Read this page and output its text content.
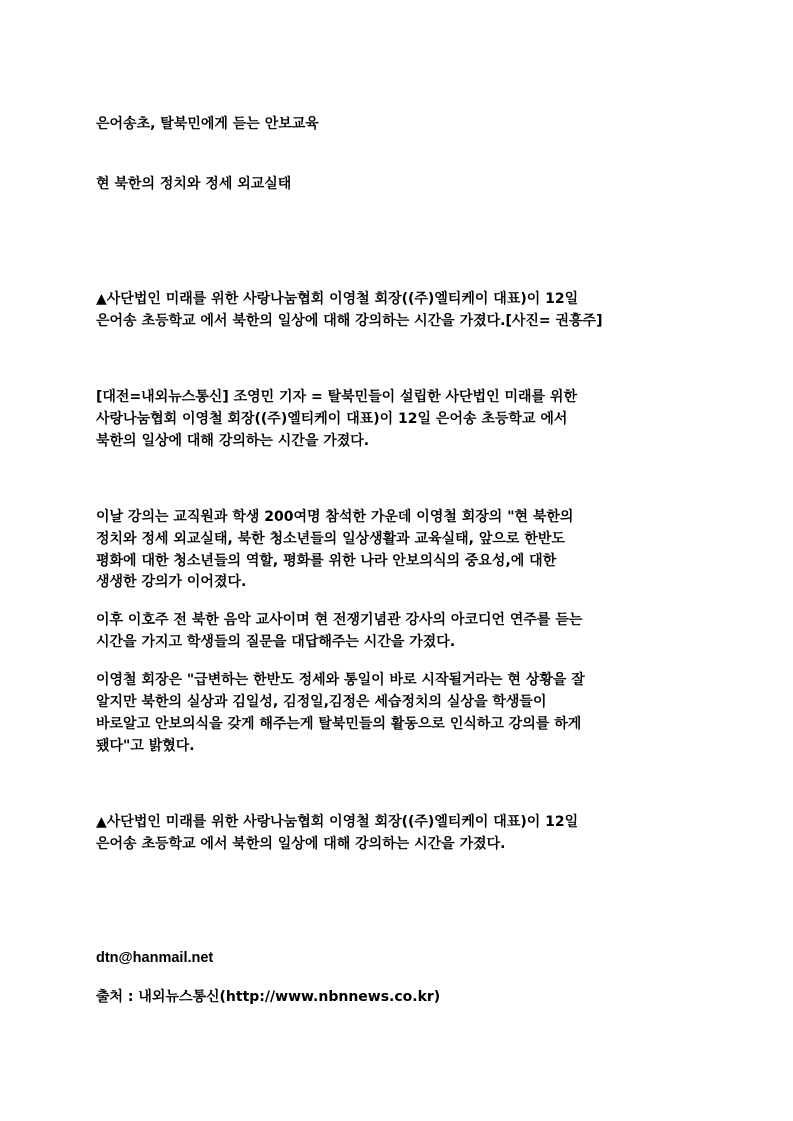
은어송초, 탈북민에게 듣는 안보교육
현 북한의 정치와 정세 외교실태
▲사단법인 미래를 위한 사랑나눔협회 이영철 회장((주)엘티케이 대표)이 12일
은어송 초등학교 에서 북한의 일상에 대해 강의하는 시간을 가졌다.[사진= 권흥주]
[대전=내외뉴스통신] 조영민 기자 = 탈북민들이 설립한 사단법인 미래를 위한
사랑나눔협회 이영철 회장((주)엘티케이 대표)이 12일 은어송 초등학교 에서
북한의 일상에 대해 강의하는 시간을 가졌다.
이날 강의는 교직원과 학생 200여명 참석한 가운데 이영철 회장의 "현 북한의
정치와 정세 외교실태, 북한 청소년들의 일상생활과 교육실태, 앞으로 한반도
평화에 대한 청소년들의 역할, 평화를 위한 나라 안보의식의 중요성,에 대한
생생한 강의가 이어졌다.
이후 이호주 전 북한 음악 교사이며 현 전쟁기념관 강사의 아코디언 연주를 듣는
시간을 가지고 학생들의 질문을 대답해주는 시간을 가졌다.
이영철 회장은 "급변하는 한반도 정세와 통일이 바로 시작될거라는 현 상황을 잘
알지만 북한의 실상과 김일성, 김정일,김정은 세습정치의 실상을 학생들이
바로알고 안보의식을 갖게 해주는게 탈북민들의 활동으로 인식하고 강의를 하게
됐다"고 밝혔다.
▲사단법인 미래를 위한 사랑나눔협회 이영철 회장((주)엘티케이 대표)이 12일
은어송 초등학교 에서 북한의 일상에 대해 강의하는 시간을 가졌다.
dtn@hanmail.net
출처 : 내외뉴스통신(http://www.nbnnews.co.kr)
